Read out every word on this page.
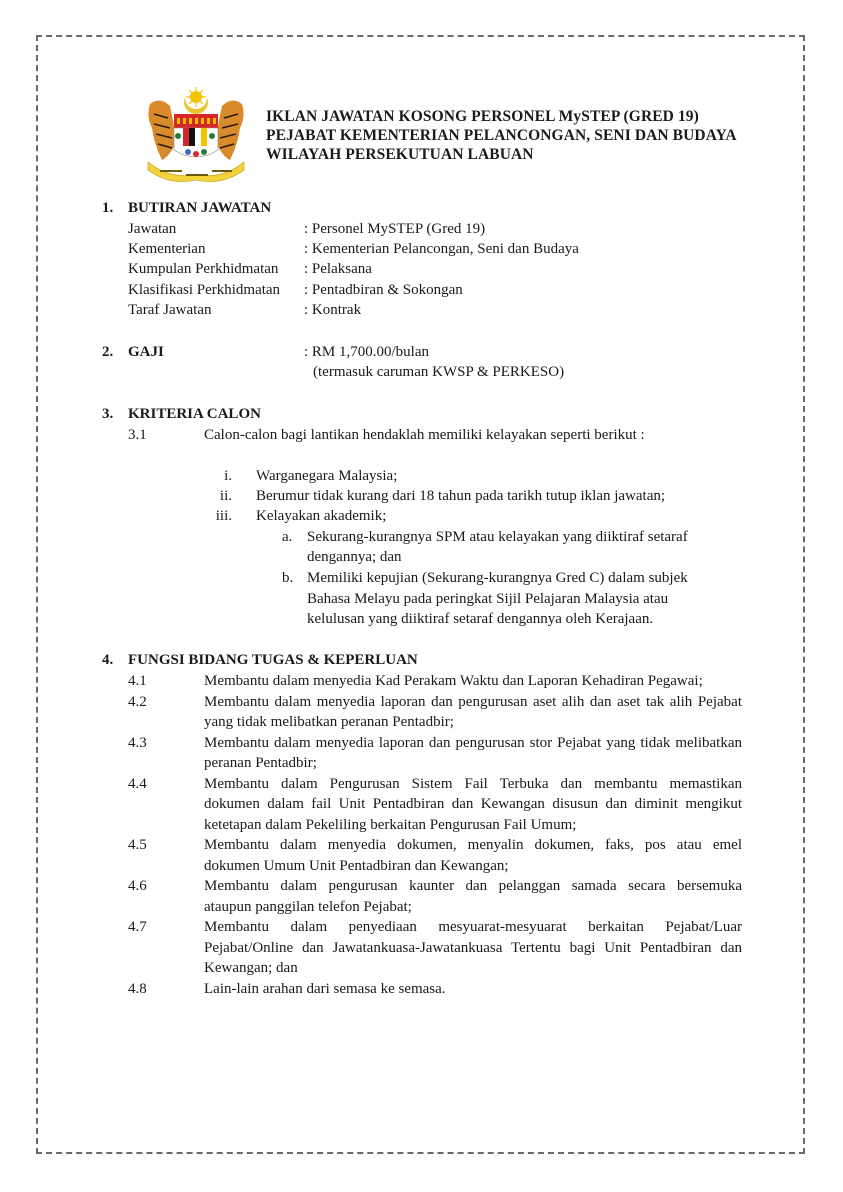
IKLAN JAWATAN KOSONG PERSONEL MySTEP (GRED 19)
PEJABAT KEMENTERIAN PELANCONGAN, SENI DAN BUDAYA
WILAYAH PERSEKUTUAN LABUAN
1. BUTIRAN JAWATAN
Jawatan	: Personel MySTEP (Gred 19)
Kementerian	: Kementerian Pelancongan, Seni dan Budaya
Kumpulan Perkhidmatan : Pelaksana
Klasifikasi Perkhidmatan : Pentadbiran & Sokongan
Taraf Jawatan	: Kontrak
2. GAJI	: RM 1,700.00/bulan
(termasuk caruman KWSP & PERKESO)
3. KRITERIA CALON
3.1	Calon-calon bagi lantikan hendaklah memiliki kelayakan seperti berikut :
i. Warganegara Malaysia;
ii. Berumur tidak kurang dari 18 tahun pada tarikh tutup iklan jawatan;
iii. Kelayakan akademik;
a. Sekurang-kurangnya SPM atau kelayakan yang diiktiraf setaraf
dengannya; dan
b. Memiliki kepujian (Sekurang-kurangnya Gred C) dalam subjek
Bahasa Melayu pada peringkat Sijil Pelajaran Malaysia atau
kelulusan yang diiktiraf setaraf dengannya oleh Kerajaan.
4. FUNGSI BIDANG TUGAS & KEPERLUAN
4.1	Membantu dalam menyedia Kad Perakam Waktu dan Laporan Kehadiran Pegawai;
4.2	Membantu dalam menyedia laporan dan pengurusan aset alih dan aset tak alih Pejabat
yang tidak melibatkan peranan Pentadbir;
4.3	Membantu dalam menyedia laporan dan pengurusan stor Pejabat yang tidak melibatkan
peranan Pentadbir;
4.4	Membantu dalam Pengurusan Sistem Fail Terbuka dan membantu memastikan
dokumen dalam fail Unit Pentadbiran dan Kewangan disusun dan diminit mengikut
ketetapan dalam Pekeliling berkaitan Pengurusan Fail Umum;
4.5	Membantu dalam menyedia dokumen, menyalin dokumen, faks, pos atau emel
dokumen Umum Unit Pentadbiran dan Kewangan;
4.6	Membantu dalam pengurusan kaunter dan pelanggan samada secara bersemuka
ataupun panggilan telefon Pejabat;
4.7	Membantu dalam penyediaan mesyuarat-mesyuarat berkaitan Pejabat/Luar
Pejabat/Online dan Jawatankuasa-Jawatankuasa Tertentu bagi Unit Pentadbiran dan
Kewangan; dan
4.8	Lain-lain arahan dari semasa ke semasa.
